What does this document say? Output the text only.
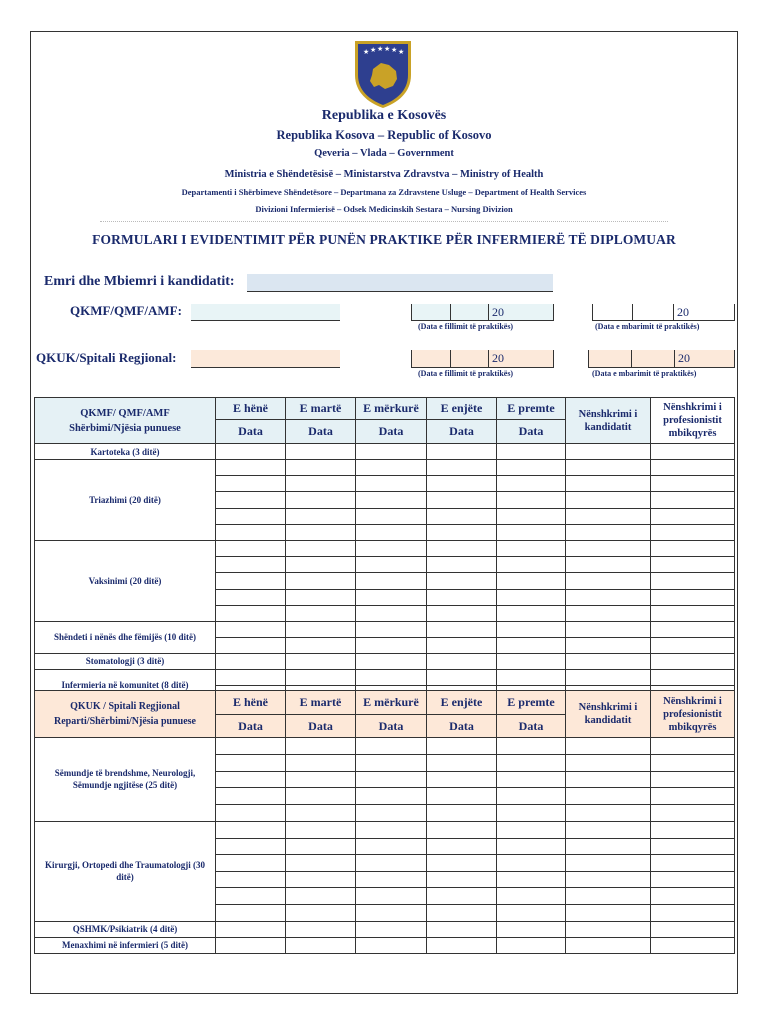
★ ★ ★ ★ ★ ★
Republika e Kosovës
Republika Kosova – Republic of Kosovo
Qeveria – Vlada – Government
Ministria e Shëndetësisë – Ministarstva Zdravstva – Ministry of Health
Departamenti i Shërbimeve Shëndetësore – Departmana za Zdravstene Usluge – Department of Health Services
Divizioni Infermierisë – Odsek Medicinskih Sestara – Nursing Divizion
FORMULARI I EVIDENTIMIT PËR PUNËN PRAKTIKE PËR INFERMIERË TË DIPLOMUAR
Emri dhe Mbiemri i kandidatit:
QKMF/QMF/AMF:	20
(Data e fillimit të praktikës)
20
(Data e mbarimit të praktikës)
QKUK/Spitali Regjional:	20
(Data e fillimit të praktikës)
20
(Data e mbarimit të praktikës)
QKMF/ QMF/AMF
Shërbimi/Njësia punuese	E hënë	E martë	E mërkurë	E enjëte	E premte	Nënshkrimi i kandidatit	Nënshkrimi i profesionistit mbikqyrës
	Data	Data	Data	Data	Data		
Kartoteka (3 ditë)							
Triazhimi (20 ditë)							

Vaksinimi (20 ditë)							

Shëndeti i nënës dhe fëmijës (10 ditë)							

Stomatologji (3 ditë)							
Infermieria në komunitet (8 ditë)							

QKUK / Spitali Regjional
Reparti/Shërbimi/Njësia punuese	E hënë	E martë	E mërkurë	E enjëte	E premte	Nënshkrimi i kandidatit	Nënshkrimi i profesionistit mbikqyrës
	Data	Data	Data	Data	Data		
Sëmundje të brendshme, Neurologji, Sëmundje ngjitëse (25 ditë)							

Kirurgji, Ortopedi dhe Traumatologji (30 ditë)							

QSHMK/Psikiatrik (4 ditë)							
Menaxhimi në infermieri (5 ditë)							
